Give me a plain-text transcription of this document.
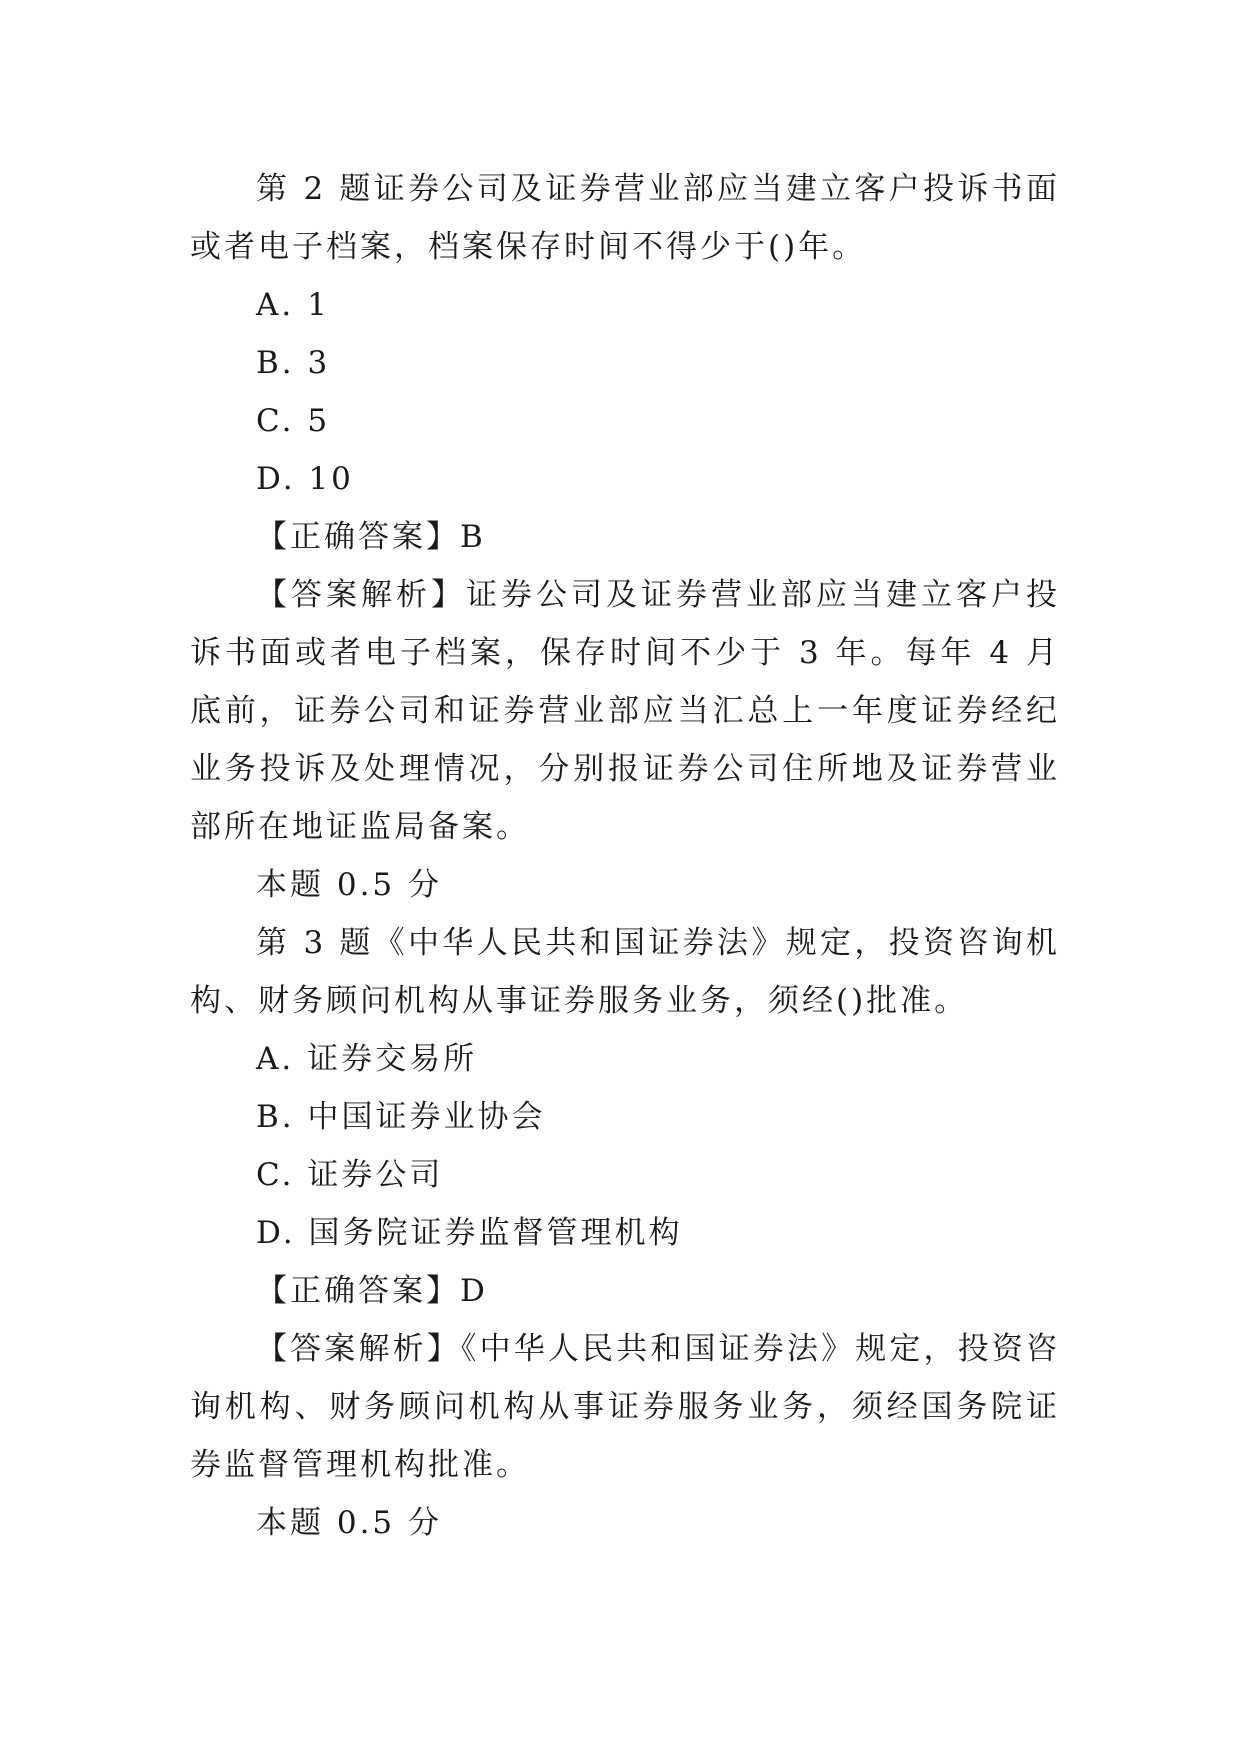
第 2 题证券公司及证券营业部应当建立客户投诉书面或者电子档案，档案保存时间不得少于()年。

A. 1

B. 3

C. 5

D. 10

【正确答案】B

【答案解析】证券公司及证券营业部应当建立客户投诉书面或者电子档案，保存时间不少于 3 年。每年 4 月底前，证券公司和证券营业部应当汇总上一年度证券经纪业务投诉及处理情况，分别报证券公司住所地及证券营业部所在地证监局备案。

本题 0.5 分

第 3 题《中华人民共和国证券法》规定，投资咨询机构、财务顾问机构从事证券服务业务，须经()批准。

A. 证券交易所

B. 中国证券业协会

C. 证券公司

D. 国务院证券监督管理机构

【正确答案】D

【答案解析】《中华人民共和国证券法》规定，投资咨询机构、财务顾问机构从事证券服务业务，须经国务院证券监督管理机构批准。

本题 0.5 分
